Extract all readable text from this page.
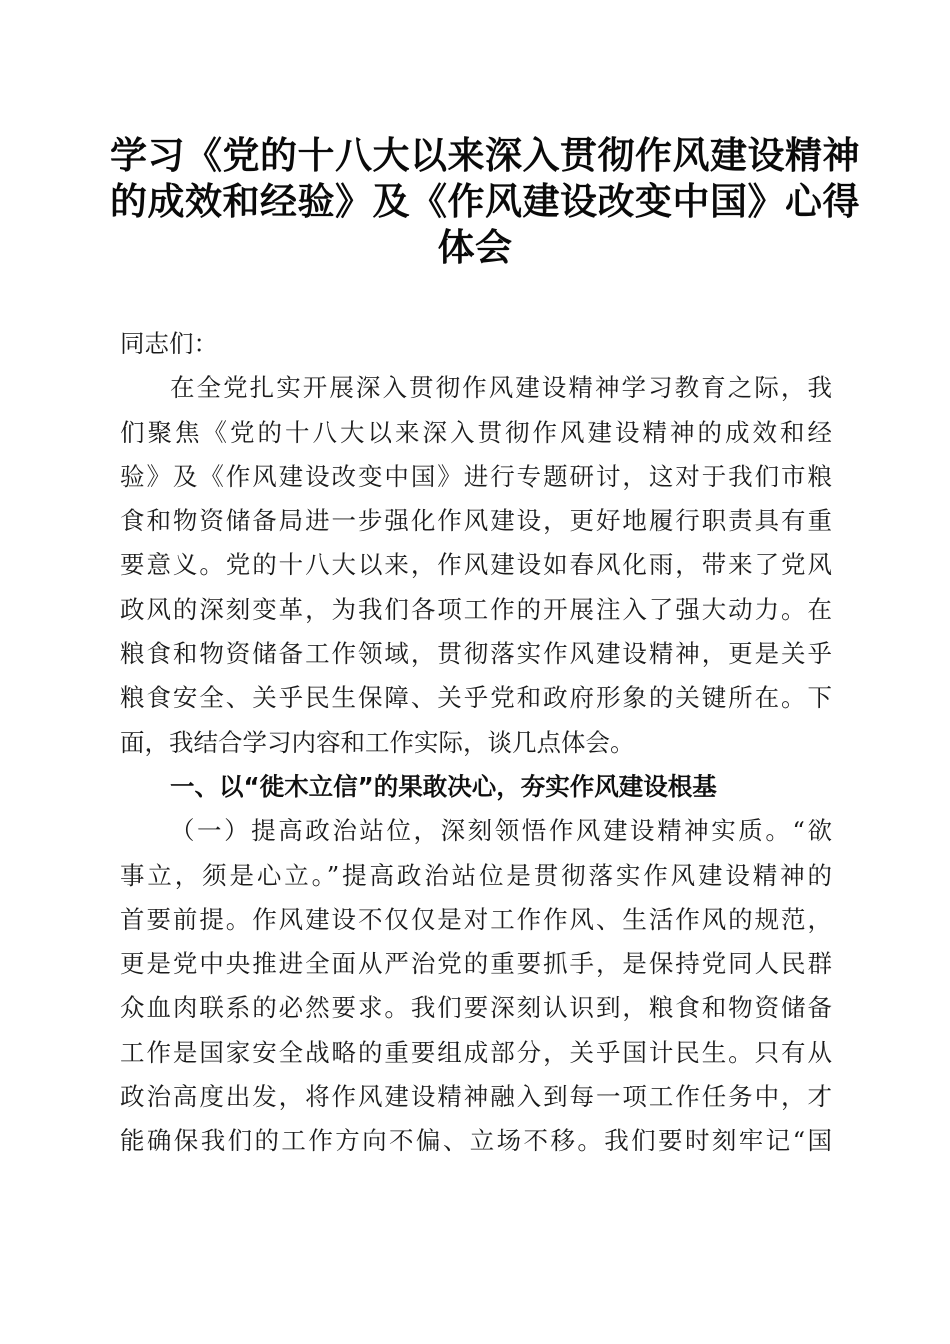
学习《党的十八大以来深入贯彻作风建设精神
的成效和经验》及《作风建设改变中国》心得
体会
同志们：
在全党扎实开展深入贯彻作风建设精神学习教育之际，我
们聚焦《党的十八大以来深入贯彻作风建设精神的成效和经
验》及《作风建设改变中国》进行专题研讨，这对于我们市粮
食和物资储备局进一步强化作风建设，更好地履行职责具有重
要意义。党的十八大以来，作风建设如春风化雨，带来了党风
政风的深刻变革，为我们各项工作的开展注入了强大动力。在
粮食和物资储备工作领域，贯彻落实作风建设精神，更是关乎
粮食安全、关乎民生保障、关乎党和政府形象的关键所在。下
面，我结合学习内容和工作实际，谈几点体会。
一、以“徙木立信”的果敢决心，夯实作风建设根基
（一）提高政治站位，深刻领悟作风建设精神实质。“欲
事立，须是心立。”提高政治站位是贯彻落实作风建设精神的
首要前提。作风建设不仅仅是对工作作风、生活作风的规范，
更是党中央推进全面从严治党的重要抓手，是保持党同人民群
众血肉联系的必然要求。我们要深刻认识到，粮食和物资储备
工作是国家安全战略的重要组成部分，关乎国计民生。只有从
政治高度出发，将作风建设精神融入到每一项工作任务中，才
能确保我们的工作方向不偏、立场不移。我们要时刻牢记“国
